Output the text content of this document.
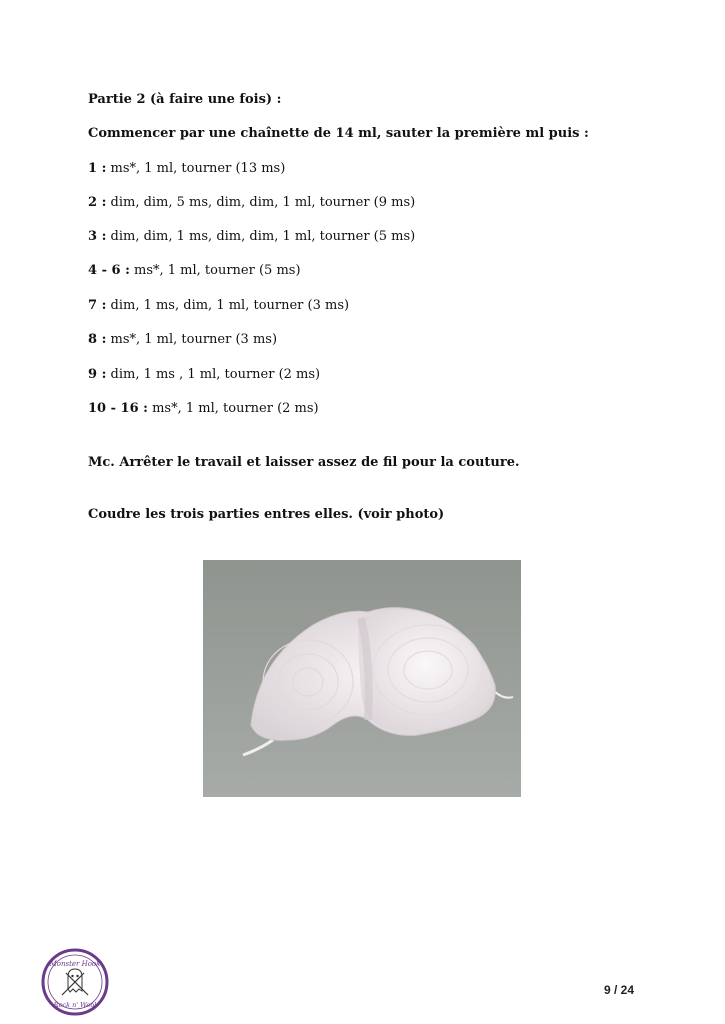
Partie 2 (à faire une fois) :
Commencer par une chaînette de 14 ml, sauter la première ml puis :
1 : ms*, 1 ml, tourner (13 ms)
2 : dim, dim, 5 ms, dim, dim, 1 ml, tourner (9 ms)
3 : dim, dim, 1 ms, dim, dim, 1 ml, tourner (5 ms)
4 - 6 : ms*, 1 ml, tourner (5 ms)
7 : dim, 1 ms, dim, 1 ml, tourner (3 ms)
8 : ms*, 1 ml, tourner (3 ms)
9 : dim, 1 ms , 1 ml, tourner (2 ms)
10 - 16 : ms*, 1 ml, tourner (2 ms)
Mc. Arrêter le travail et laisser assez de fil pour la couture.
Coudre les trois parties entres elles. (voir photo)
Monster Hook
Rock n' Wool
9 / 24
